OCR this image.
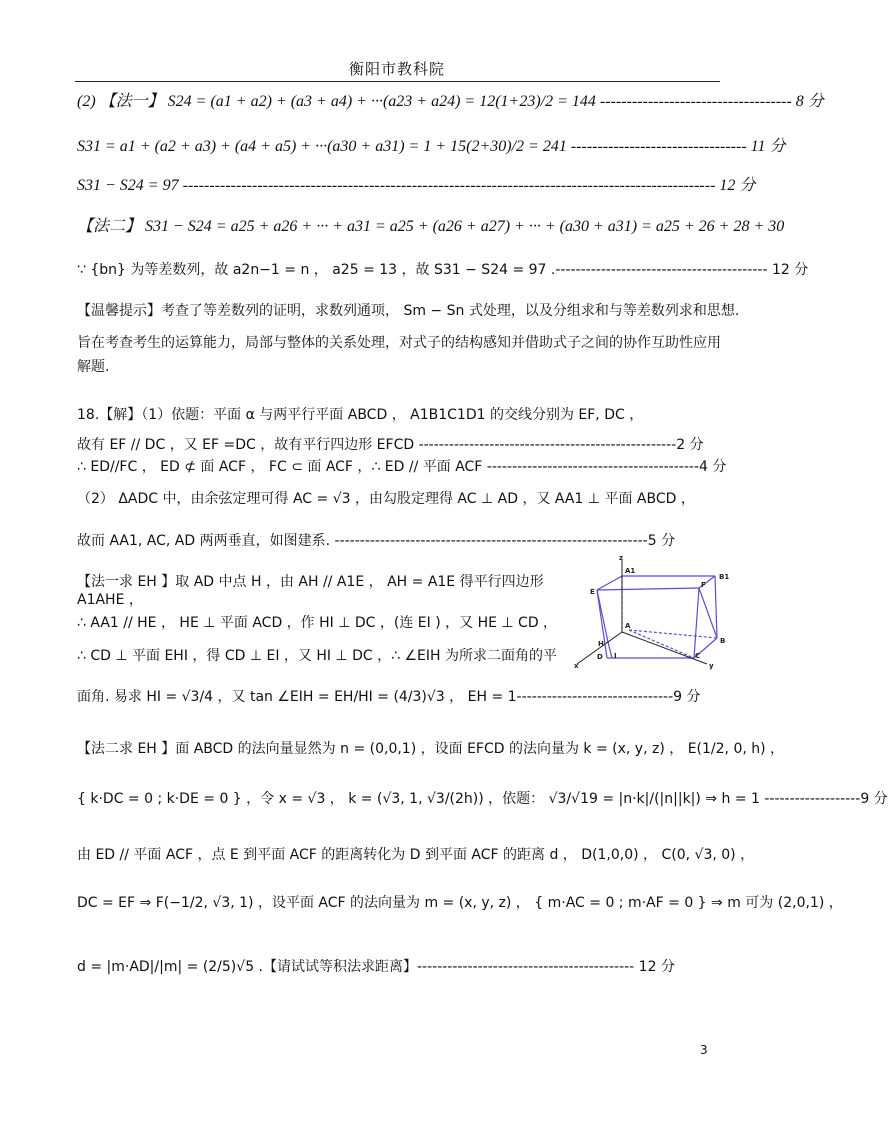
衡阳市教科院
(2) 【法一】 S24 = (a1 + a2) + (a3 + a4) + ···(a23 + a24) = 12(1+23)/2 = 144 ------------------------------------ 8 分
S31 = a1 + (a2 + a3) + (a4 + a5) + ···(a30 + a31) = 1 + 15(2+30)/2 = 241 --------------------------------- 11 分
S31 − S24 = 97 ---------------------------------------------------------------------------------------------------- 12 分
【法二】 S31 − S24 = a25 + a26 + ··· + a31 = a25 + (a26 + a27) + ··· + (a30 + a31) = a25 + 26 + 28 + 30
∵ {bn} 为等差数列，故 a2n−1 = n ， a25 = 13 ，故 S31 − S24 = 97 .------------------------------------------ 12 分
【温馨提示】考查了等差数列的证明，求数列通项， Sm − Sn 式处理，以及分组求和与等差数列求和思想.
旨在考查考生的运算能力，局部与整体的关系处理，对式子的结构感知并借助式子之间的协作互助性应用
解题.
18.【解】（1）依题：平面 α 与两平行平面 ABCD ， A1B1C1D1 的交线分别为 EF, DC ，
故有 EF // DC ，又 EF =DC ，故有平行四边形 EFCD ---------------------------------------------------2 分
∴ ED//FC ， ED ⊄ 面 ACF ， FC ⊂ 面 ACF ，∴ ED // 平面 ACF ------------------------------------------4 分
（2） ΔADC 中，由余弦定理可得 AC = √3 ，由勾股定理得 AC ⊥ AD ，又 AA1 ⊥ 平面 ABCD ，
故而 AA1, AC, AD 两两垂直，如图建系. --------------------------------------------------------------5 分
【法一求 EH 】取 AD 中点 H ，由 AH // A1E ， AH = A1E 得平行四边形 A1AHE ，
∴ AA1 // HE ， HE ⊥ 平面 ACD ，作 HI ⊥ DC ，(连 EI ) ，又 HE ⊥ CD ，
∴ CD ⊥ 平面 EHI ，得 CD ⊥ EI ，又 HI ⊥ DC ，∴ ∠EIH 为所求二面角的平
面角. 易求 HI = √3/4 ，又 tan ∠EIH = EH/HI = (4/3)√3 ， EH = 1-------------------------------9 分
【法二求 EH 】面 ABCD 的法向量显然为 n = (0,0,1) ，设面 EFCD 的法向量为 k = (x, y, z) ， E(1/2, 0, h) ，
{ k·DC = 0 ; k·DE = 0 } ，令 x = √3 ， k = (√3, 1, √3/(2h)) ，依题： √3/√19 = |n·k|/(|n||k|) ⇒ h = 1 -------------------9 分
由 ED // 平面 ACF ，点 E 到平面 ACF 的距离转化为 D 到平面 ACF 的距离 d ， D(1,0,0) ， C(0, √3, 0) ，
DC = EF ⇒ F(−1/2, √3, 1) ，设平面 ACF 的法向量为 m = (x, y, z) ， { m·AC = 0 ; m·AF = 0 } ⇒ m 可为 (2,0,1) ，
d = |m·AD|/|m| = (2/5)√5 .【请试试等积法求距离】------------------------------------------- 12 分
z
A1
B1
E
F
A
H	B
D I	C
x	y
3
